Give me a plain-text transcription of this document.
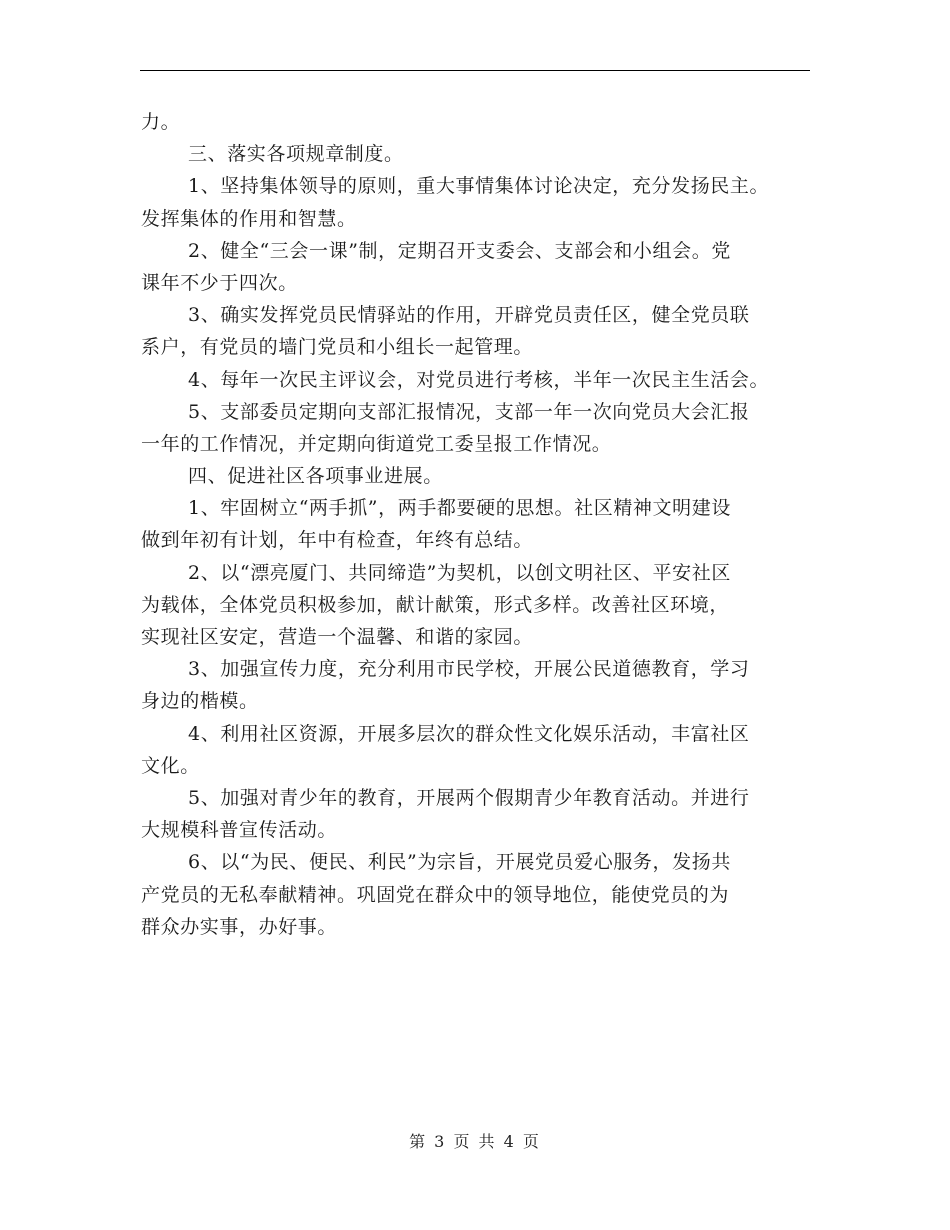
力。
三、落实各项规章制度。
1、坚持集体领导的原则，重大事情集体讨论决定，充分发扬民主。
发挥集体的作用和智慧。
2、健全“三会一课”制，定期召开支委会、支部会和小组会。党
课年不少于四次。
3、确实发挥党员民情驿站的作用，开辟党员责任区，健全党员联
系户，有党员的墙门党员和小组长一起管理。
4、每年一次民主评议会，对党员进行考核，半年一次民主生活会。
5、支部委员定期向支部汇报情况，支部一年一次向党员大会汇报
一年的工作情况，并定期向街道党工委呈报工作情况。
四、促进社区各项事业进展。
1、牢固树立“两手抓”，两手都要硬的思想。社区精神文明建设
做到年初有计划，年中有检查，年终有总结。
2、以“漂亮厦门、共同缔造”为契机，以创文明社区、平安社区
为载体，全体党员积极参加，献计献策，形式多样。改善社区环境，
实现社区安定，营造一个温馨、和谐的家园。
3、加强宣传力度，充分利用市民学校，开展公民道德教育，学习
身边的楷模。
4、利用社区资源，开展多层次的群众性文化娱乐活动，丰富社区
文化。
5、加强对青少年的教育，开展两个假期青少年教育活动。并进行
大规模科普宣传活动。
6、以“为民、便民、利民”为宗旨，开展党员爱心服务，发扬共
产党员的无私奉献精神。巩固党在群众中的领导地位，能使党员的为
群众办实事，办好事。
第 3 页 共 4 页
